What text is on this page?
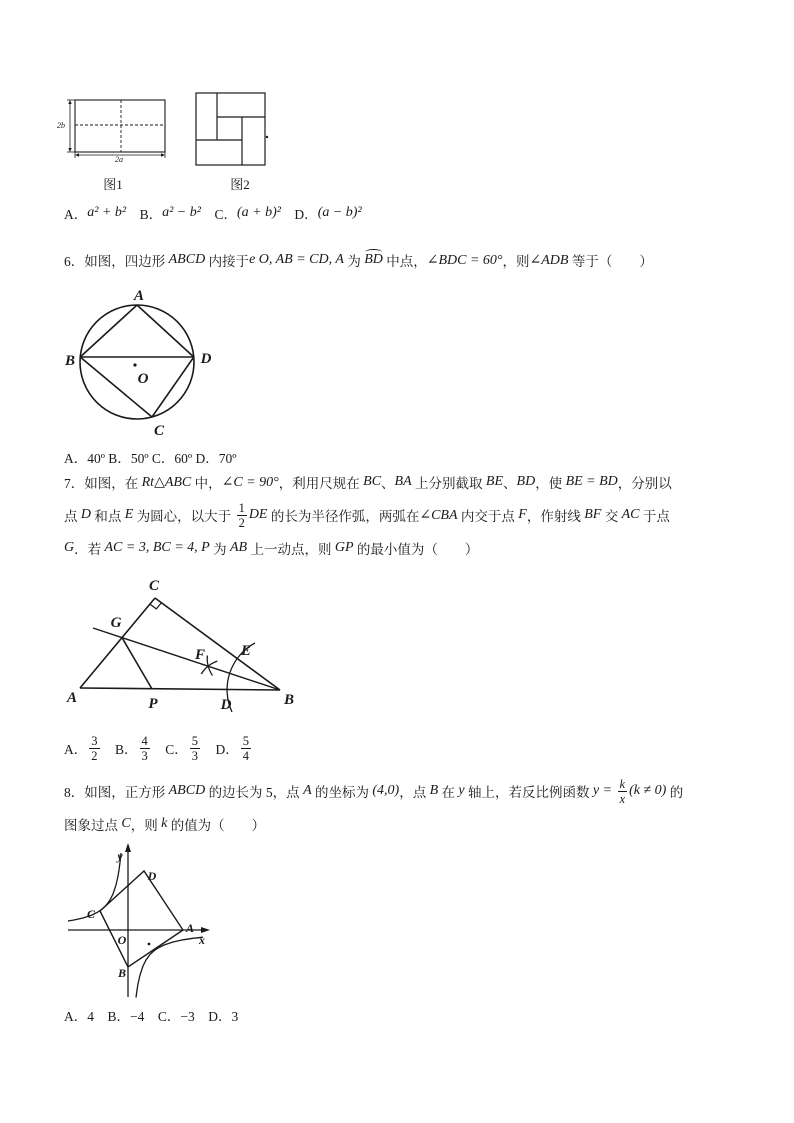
2b
2a
图1	图2
A． a² + b² 　B． a² − b² 　C． (a + b)² 　D． (a − b)²
6．如图，四边形 ABCD 内接于 e O, AB = CD, A 为 BD 中点， ∠BDC = 60° ，则 ∠ADB 等于（　　）
A
B	D
O
C
A．40º B．50º C．60º D．70º
7．如图，在 Rt△ABC 中， ∠C = 90° ，利用尺规在 BC 、 BA 上分别截取 BE 、 BD ，使 BE = BD ，分别以
点 D 和点 E 为圆心，以大于 $\frac{1}{2}$ DE 的长为半径作弧，两弧在 ∠CBA 内交于点 F ，作射线 BF 交 AC 于点
G ．若 AC = 3, BC = 4, P 为 AB 上一动点，则 GP 的最小值为（　　）
C
G
F E
A	P	D	B
A． $\frac{3}{2}$ 　B． $\frac{4}{3}$ 　C． $\frac{5}{3}$ 　D． $\frac{5}{4}$
8．如图，正方形 ABCD 的边长为 5，点 A 的坐标为 (4,0) ，点 B 在 y 轴上，若反比例函数 $y = \frac{k}{x} (k \ne 0)$ 的
图象过点 C ，则 k 的值为（　　）
y
D
C
A
x
O
B
A．4　B．−4　C．−3　D．3
